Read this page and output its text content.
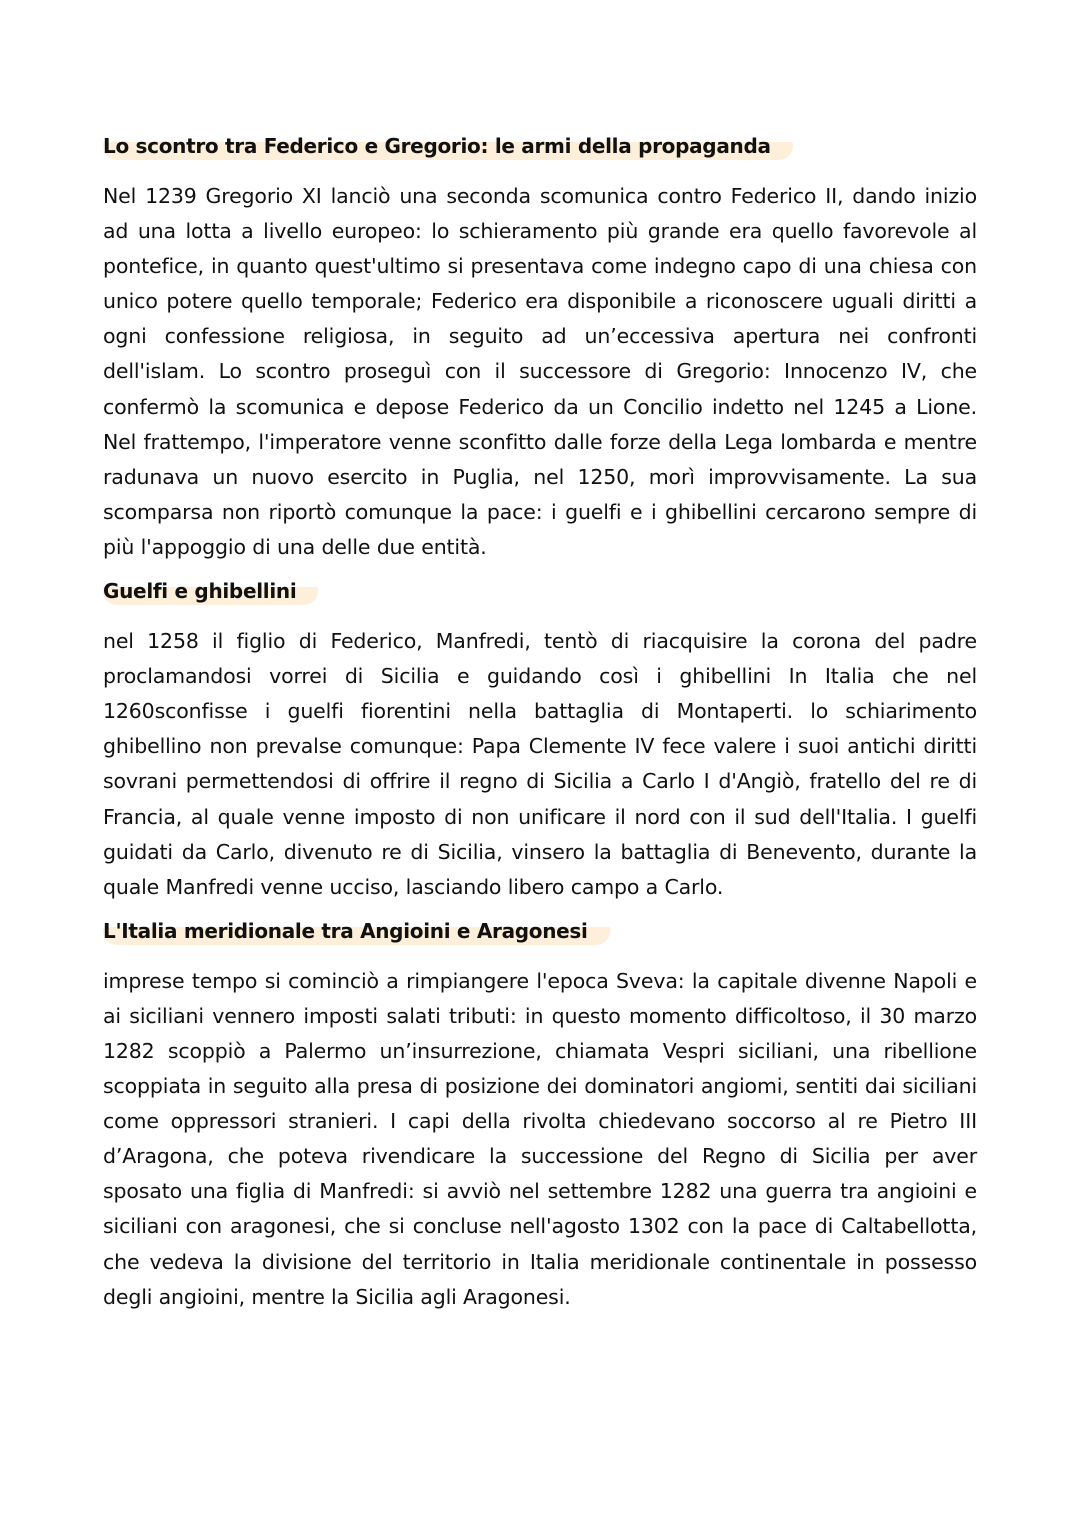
Lo scontro tra Federico e Gregorio: le armi della propaganda

Nel 1239 Gregorio XI lanciò una seconda scomunica contro Federico II, dando inizio ad una lotta a livello europeo: lo schieramento più grande era quello favorevole al pontefice, in quanto quest'ultimo si presentava come indegno capo di una chiesa con unico potere quello temporale; Federico era disponibile a riconoscere uguali diritti a ogni confessione religiosa, in seguito ad un’eccessiva apertura nei confronti dell'islam. Lo scontro proseguì con il successore di Gregorio: Innocenzo IV, che confermò la scomunica e depose Federico da un Concilio indetto nel 1245 a Lione. Nel frattempo, l'imperatore venne sconfitto dalle forze della Lega lombarda e mentre radunava un nuovo esercito in Puglia, nel 1250, morì improvvisamente. La sua scomparsa non riportò comunque la pace: i guelfi e i ghibellini cercarono sempre di più l'appoggio di una delle due entità.

Guelfi e ghibellini

nel 1258 il figlio di Federico, Manfredi, tentò di riacquisire la corona del padre proclamandosi vorrei di Sicilia e guidando così i ghibellini In Italia che nel 1260sconfisse i guelfi fiorentini nella battaglia di Montaperti. lo schiarimento ghibellino non prevalse comunque: Papa Clemente IV fece valere i suoi antichi diritti sovrani permettendosi di offrire il regno di Sicilia a Carlo I d'Angiò, fratello del re di Francia, al quale venne imposto di non unificare il nord con il sud dell'Italia. I guelfi guidati da Carlo, divenuto re di Sicilia, vinsero la battaglia di Benevento, durante la quale Manfredi venne ucciso, lasciando libero campo a Carlo.

L'Italia meridionale tra Angioini e Aragonesi

imprese tempo si cominciò a rimpiangere l'epoca Sveva: la capitale divenne Napoli e ai siciliani vennero imposti salati tributi: in questo momento difficoltoso, il 30 marzo 1282 scoppiò a Palermo un’insurrezione, chiamata Vespri siciliani, una ribellione scoppiata in seguito alla presa di posizione dei dominatori angiomi, sentiti dai siciliani come oppressori stranieri. I capi della rivolta chiedevano soccorso al re Pietro III d’Aragona, che poteva rivendicare la successione del Regno di Sicilia per aver sposato una figlia di Manfredi: si avviò nel settembre 1282 una guerra tra angioini e siciliani con aragonesi, che si concluse nell'agosto 1302 con la pace di Caltabellotta, che vedeva la divisione del territorio in Italia meridionale continentale in possesso degli angioini, mentre la Sicilia agli Aragonesi.
